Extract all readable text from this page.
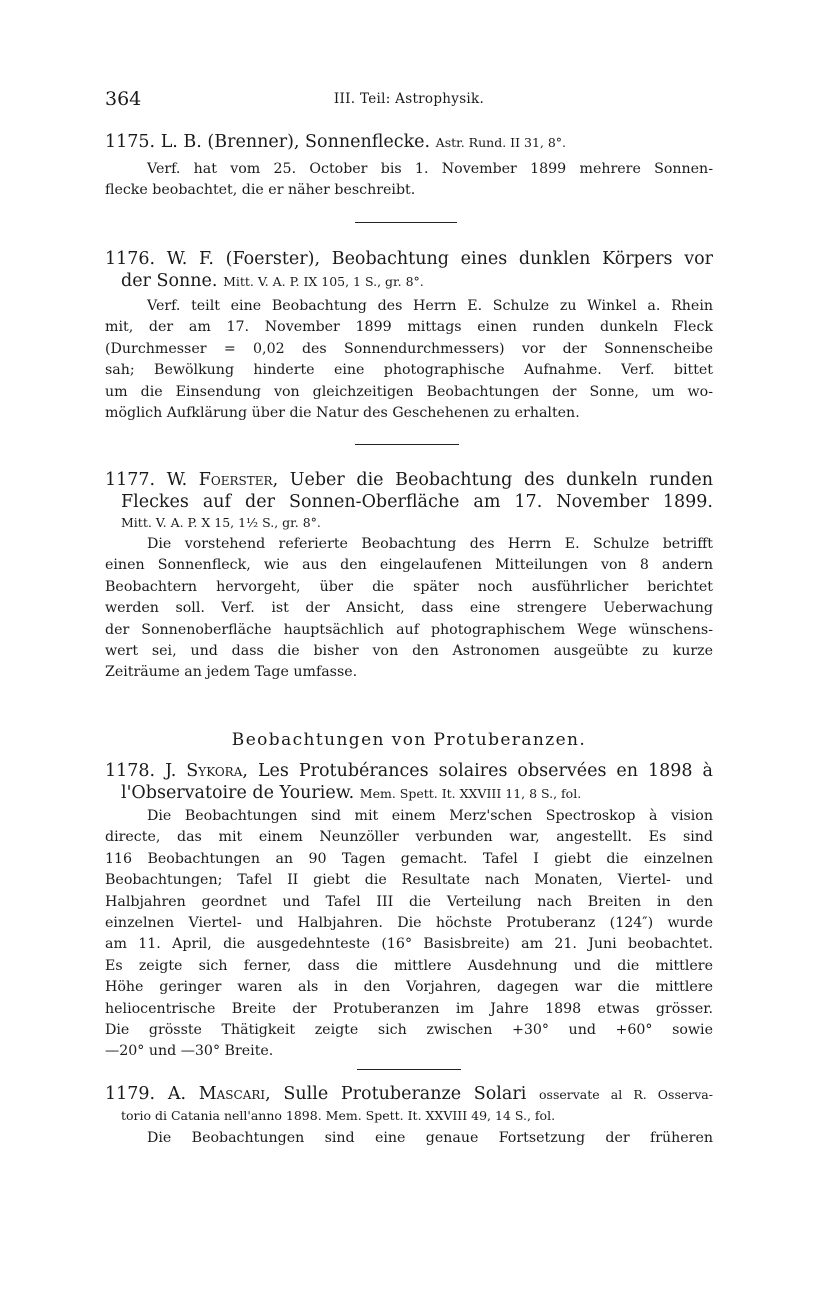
364	III. Teil: Astrophysik.
1175. L. B. (Brenner), Sonnenflecke. Astr. Rund. II 31, 8°.
Verf. hat vom 25. October bis 1. November 1899 mehrere Sonnen-
flecke beobachtet, die er näher beschreibt.
1176. W. F. (Foerster), Beobachtung eines dunklen Körpers vor
der Sonne. Mitt. V. A. P. IX 105, 1 S., gr. 8°.
Verf. teilt eine Beobachtung des Herrn E. Schulze zu Winkel a. Rhein
mit, der am 17. November 1899 mittags einen runden dunkeln Fleck
(Durchmesser = 0,02 des Sonnendurchmessers) vor der Sonnenscheibe
sah; Bewölkung hinderte eine photographische Aufnahme. Verf. bittet
um die Einsendung von gleichzeitigen Beobachtungen der Sonne, um wo-
möglich Aufklärung über die Natur des Geschehenen zu erhalten.
1177. W. Foerster, Ueber die Beobachtung des dunkeln runden
Fleckes auf der Sonnen-Oberfläche am 17. November 1899.
Mitt. V. A. P. X 15, 1½ S., gr. 8°.
Die vorstehend referierte Beobachtung des Herrn E. Schulze betrifft
einen Sonnenfleck, wie aus den eingelaufenen Mitteilungen von 8 andern
Beobachtern hervorgeht, über die später noch ausführlicher berichtet
werden soll. Verf. ist der Ansicht, dass eine strengere Ueberwachung
der Sonnenoberfläche hauptsächlich auf photographischem Wege wünschens-
wert sei, und dass die bisher von den Astronomen ausgeübte zu kurze
Zeiträume an jedem Tage umfasse.
Beobachtungen von Protuberanzen.
1178. J. Sykora, Les Protubérances solaires observées en 1898 à
l'Observatoire de Youriew. Mem. Spett. It. XXVIII 11, 8 S., fol.
Die Beobachtungen sind mit einem Merz'schen Spectroskop à vision
directe, das mit einem Neunzöller verbunden war, angestellt. Es sind
116 Beobachtungen an 90 Tagen gemacht. Tafel I giebt die einzelnen
Beobachtungen; Tafel II giebt die Resultate nach Monaten, Viertel- und
Halbjahren geordnet und Tafel III die Verteilung nach Breiten in den
einzelnen Viertel- und Halbjahren. Die höchste Protuberanz (124″) wurde
am 11. April, die ausgedehnteste (16° Basisbreite) am 21. Juni beobachtet.
Es zeigte sich ferner, dass die mittlere Ausdehnung und die mittlere
Höhe geringer waren als in den Vorjahren, dagegen war die mittlere
heliocentrische Breite der Protuberanzen im Jahre 1898 etwas grösser.
Die grösste Thätigkeit zeigte sich zwischen +30° und +60° sowie
—20° und —30° Breite.
1179. A. Mascari, Sulle Protuberanze Solari osservate al R. Osserva-
torio di Catania nell'anno 1898. Mem. Spett. It. XXVIII 49, 14 S., fol.
Die Beobachtungen sind eine genaue Fortsetzung der früheren
